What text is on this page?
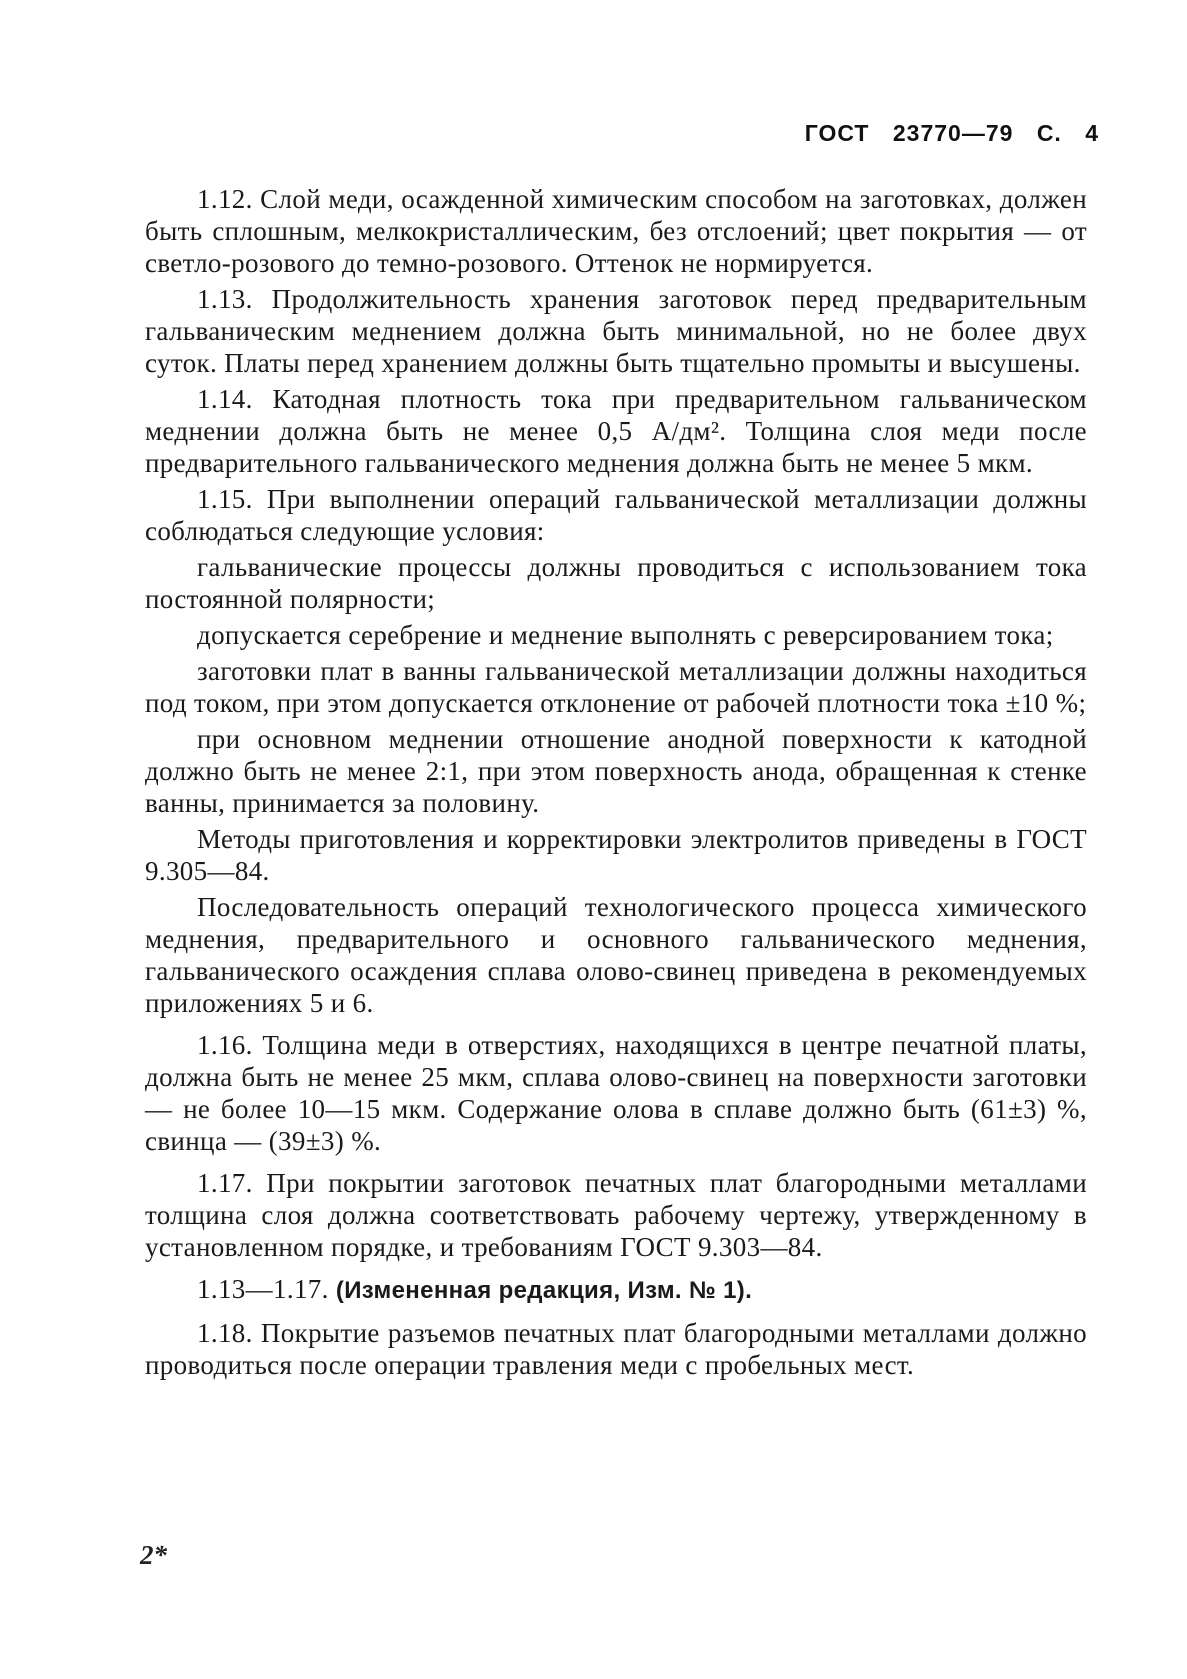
ГОСТ 23770—79 С. 4

1.12. Слой меди, осажденной химическим способом на заготовках, должен быть сплошным, мелкокристаллическим, без отслоений; цвет покрытия — от светло-розового до темно-розового. Оттенок не нормируется.

1.13. Продолжительность хранения заготовок перед предварительным гальваническим меднением должна быть минимальной, но не более двух суток. Платы перед хранением должны быть тщательно промыты и высушены.

1.14. Катодная плотность тока при предварительном гальваническом меднении должна быть не менее 0,5 А/дм². Толщина слоя меди после предварительного гальванического меднения должна быть не менее 5 мкм.

1.15. При выполнении операций гальванической металлизации должны соблюдаться следующие условия:

гальванические процессы должны проводиться с использованием тока постоянной полярности;

допускается серебрение и меднение выполнять с реверсированием тока;

заготовки плат в ванны гальванической металлизации должны находиться под током, при этом допускается отклонение от рабочей плотности тока ±10 %;

при основном меднении отношение анодной поверхности к катодной должно быть не менее 2:1, при этом поверхность анода, обращенная к стенке ванны, принимается за половину.

Методы приготовления и корректировки электролитов приведены в ГОСТ 9.305—84.

Последовательность операций технологического процесса химического меднения, предварительного и основного гальванического меднения, гальванического осаждения сплава олово-свинец приведена в рекомендуемых приложениях 5 и 6.

1.16. Толщина меди в отверстиях, находящихся в центре печатной платы, должна быть не менее 25 мкм, сплава олово-свинец на поверхности заготовки — не более 10—15 мкм. Содержание олова в сплаве должно быть (61±3) %, свинца — (39±3) %.

1.17. При покрытии заготовок печатных плат благородными металлами толщина слоя должна соответствовать рабочему чертежу, утвержденному в установленном порядке, и требованиям ГОСТ 9.303—84.

1.13—1.17. (Измененная редакция, Изм. № 1).

1.18. Покрытие разъемов печатных плат благородными металлами должно проводиться после операции травления меди с пробельных мест.

2*
